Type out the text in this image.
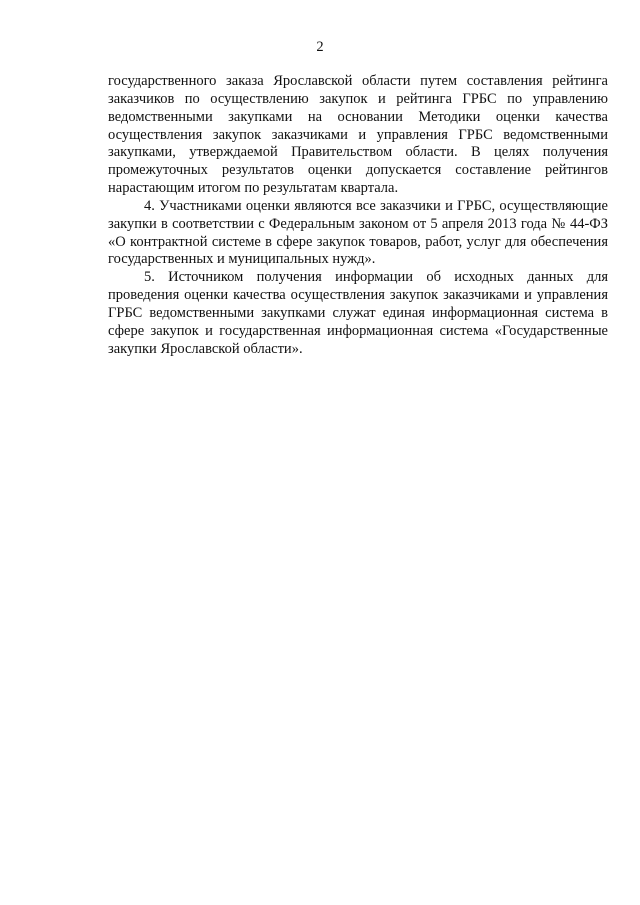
2

государственного заказа Ярославской области путем составления рейтинга заказчиков по осуществлению закупок и рейтинга ГРБС по управлению ведомственными закупками на основании Методики оценки качества осуществления закупок заказчиками и управления ГРБС ведомственными закупками, утверждаемой Правительством области. В целях получения промежуточных результатов оценки допускается составление рейтингов нарастающим итогом по результатам квартала.

4. Участниками оценки являются все заказчики и ГРБС, осуществляющие закупки в соответствии с Федеральным законом от 5 апреля 2013 года № 44-ФЗ «О контрактной системе в сфере закупок товаров, работ, услуг для обеспечения государственных и муниципальных нужд».

5. Источником получения информации об исходных данных для проведения оценки качества осуществления закупок заказчиками и управления ГРБС ведомственными закупками служат единая информационная система в сфере закупок и государственная информационная система «Государственные закупки Ярославской области».
